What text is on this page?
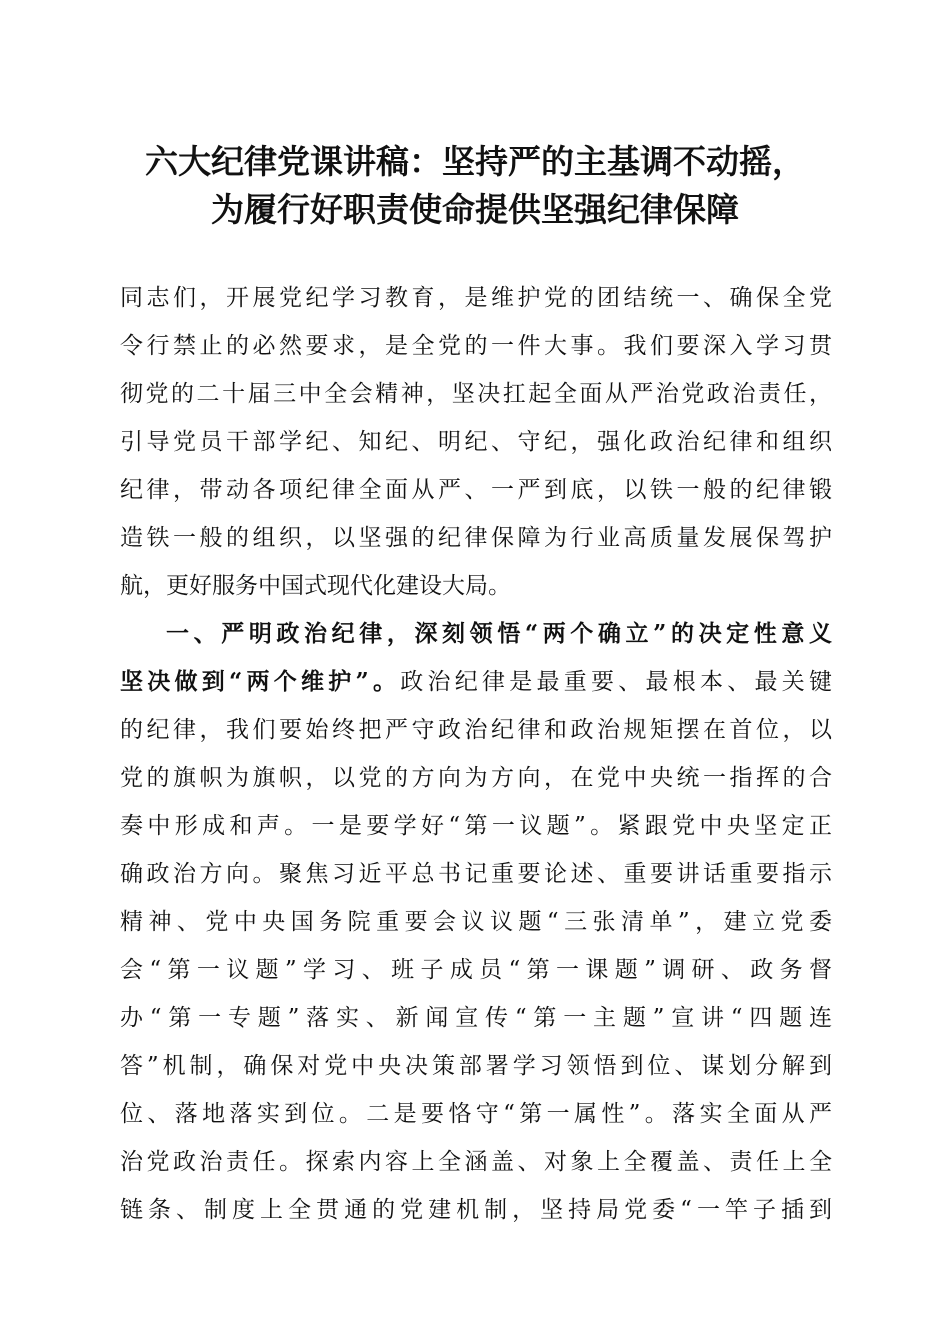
六大纪律党课讲稿：坚持严的主基调不动摇，
为履行好职责使命提供坚强纪律保障
同志们，开展党纪学习教育，是维护党的团结统一、确保全党
令行禁止的必然要求，是全党的一件大事。我们要深入学习贯
彻党的二十届三中全会精神，坚决扛起全面从严治党政治责任，
引导党员干部学纪、知纪、明纪、守纪，强化政治纪律和组织
纪律，带动各项纪律全面从严、一严到底，以铁一般的纪律锻
造铁一般的组织，以坚强的纪律保障为行业高质量发展保驾护
航，更好服务中国式现代化建设大局。
一、严明政治纪律，深刻领悟“两个确立”的决定性意义
坚决做到“两个维护”。政治纪律是最重要、最根本、最关键
的纪律，我们要始终把严守政治纪律和政治规矩摆在首位，以
党的旗帜为旗帜，以党的方向为方向，在党中央统一指挥的合
奏中形成和声。一是要学好“第一议题”。紧跟党中央坚定正
确政治方向。聚焦习近平总书记重要论述、重要讲话重要指示
精神、党中央国务院重要会议议题“三张清单”，建立党委
会“第一议题”学习、班子成员“第一课题”调研、政务督
办“第一专题”落实、新闻宣传“第一主题”宣讲“四题连
答”机制，确保对党中央决策部署学习领悟到位、谋划分解到
位、落地落实到位。二是要恪守“第一属性”。落实全面从严
治党政治责任。探索内容上全涵盖、对象上全覆盖、责任上全
链条、制度上全贯通的党建机制，坚持局党委“一竿子插到
